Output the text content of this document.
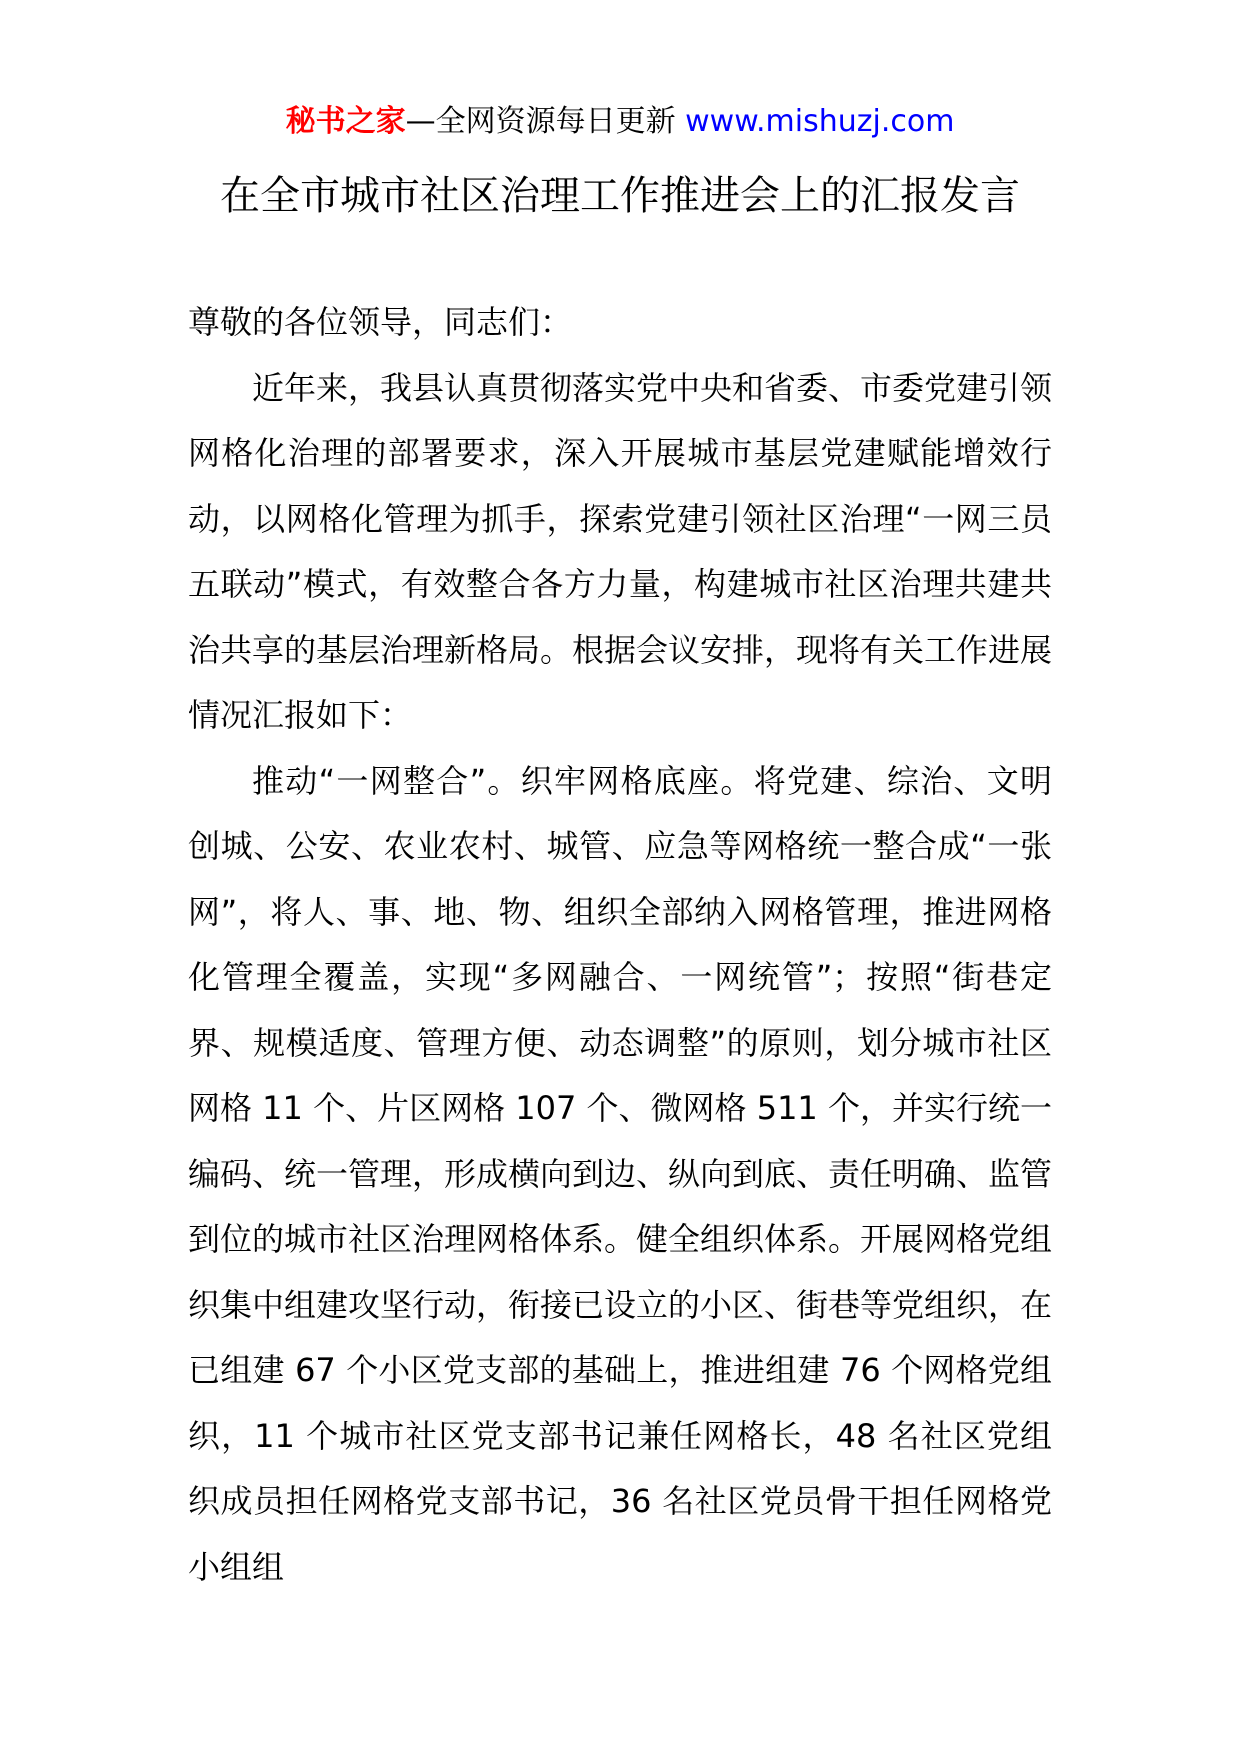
秘书之家—全网资源每日更新 www.mishuzj.com
在全市城市社区治理工作推进会上的汇报发言

尊敬的各位领导，同志们：

近年来，我县认真贯彻落实党中央和省委、市委党建引领网格化治理的部署要求，深入开展城市基层党建赋能增效行动，以网格化管理为抓手，探索党建引领社区治理“一网三员五联动”模式，有效整合各方力量，构建城市社区治理共建共治共享的基层治理新格局。根据会议安排，现将有关工作进展情况汇报如下：

推动“一网整合”。织牢网格底座。将党建、综治、文明创城、公安、农业农村、城管、应急等网格统一整合成“一张网”，将人、事、地、物、组织全部纳入网格管理，推进网格化管理全覆盖，实现“多网融合、一网统管”；按照“街巷定界、规模适度、管理方便、动态调整”的原则，划分城市社区网格 11 个、片区网格 107 个、微网格 511 个，并实行统一编码、统一管理，形成横向到边、纵向到底、责任明确、监管到位的城市社区治理网格体系。健全组织体系。开展网格党组织集中组建攻坚行动，衔接已设立的小区、街巷等党组织，在已组建 67 个小区党支部的基础上，推进组建 76 个网格党组织，11 个城市社区党支部书记兼任网格长，48 名社区党组织成员担任网格党支部书记，36 名社区党员骨干担任网格党小组组
